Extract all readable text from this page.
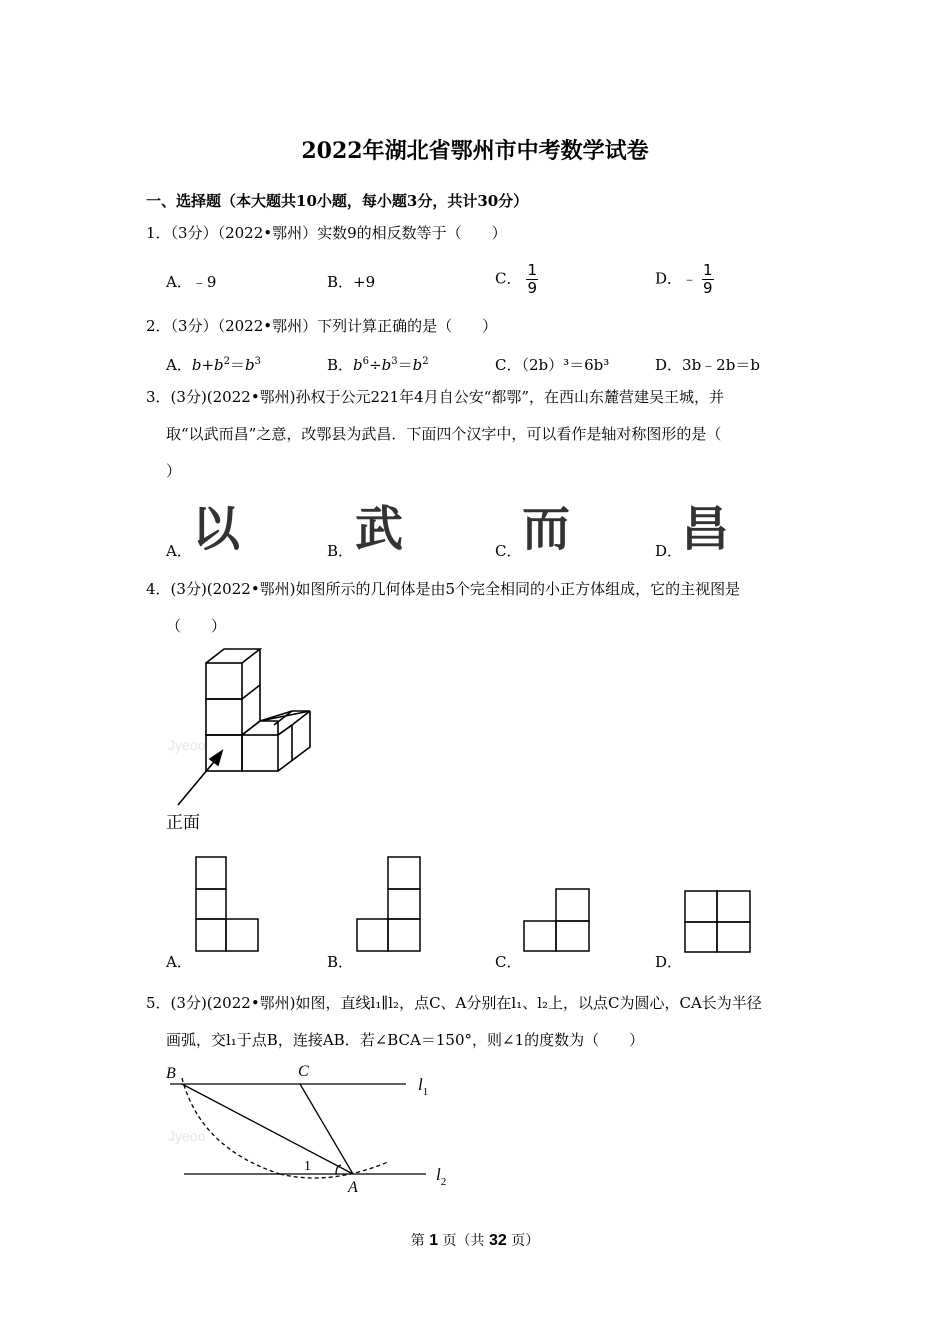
2022年湖北省鄂州市中考数学试卷
一、选择题（本大题共10小题，每小题3分，共计30分）
1．（3分）（2022•鄂州）实数9的相反数等于（　　）
A．﹣9	B．+9	C． $\frac{1}{9}$	D．﹣ $\frac{1}{9}$
2．（3分）（2022•鄂州）下列计算正确的是（　　）
A．$b+b^2=b^3$	B．$b^6\div b^3=b^2$	C．（2b）³＝6b³	D．3b﹣2b＝b
3．(3分)(2022•鄂州)孙权于公元221年4月自公安“都鄂”，在西山东麓营建吴王城，并
取“以武而昌”之意，改鄂县为武昌．下面四个汉字中，可以看作是轴对称图形的是（
）
A． 以	B． 武	C． 而	D．
昌
4．(3分)(2022•鄂州)如图所示的几何体是由5个完全相同的小正方体组成，它的主视图是
（　　）
正面
A．	B．	C．	D．
5．(3分)(2022•鄂州)如图，直线l₁∥l₂，点C、A分别在l₁、l₂上，以点C为圆心，CA长为半径
画弧，交l₁于点B，连接AB．若∠BCA＝150°，则∠1的度数为（　　）
B	C
A
1
$l_1$
$l_2$
Jyeoo
Jyeoo
第 1 页（共 32 页）
